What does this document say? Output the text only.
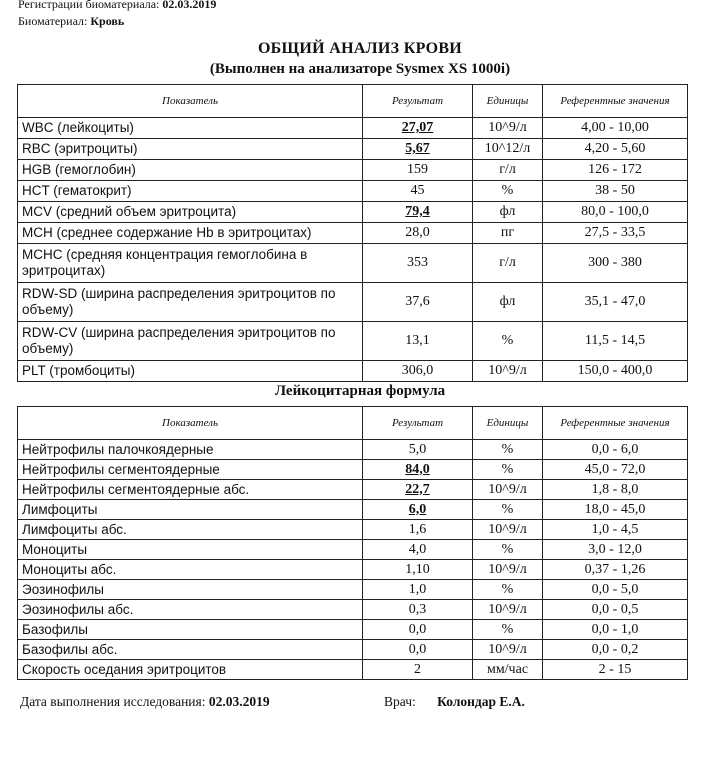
Регистрации биоматериала: 02.03.2019
Биоматериал: Кровь
ОБЩИЙ АНАЛИЗ КРОВИ
(Выполнен на анализаторе Sysmex XS 1000i)
Показатель	Результат	Единицы	Референтные значения
WBC (лейкоциты)	27,07	10^9/л	4,00 - 10,00
RBC (эритроциты)	5,67	10^12/л	4,20 - 5,60
HGB (гемоглобин)	159	г/л	126 - 172
HCT (гематокрит)	45	%	38 - 50
MCV (средний объем эритроцита)	79,4	фл	80,0 - 100,0
MCH (среднее содержание Hb в эритроцитах)	28,0	пг	27,5 - 33,5
MCHC (средняя концентрация гемоглобина в эритроцитах)	353	г/л	300 - 380
RDW-SD (ширина распределения эритроцитов по объему)	37,6	фл	35,1 - 47,0
RDW-CV (ширина распределения эритроцитов по объему)	13,1	%	11,5 - 14,5
PLT (тромбоциты)	306,0	10^9/л	150,0 - 400,0
Лейкоцитарная формула
Показатель	Результат	Единицы	Референтные значения
Нейтрофилы палочкоядерные	5,0	%	0,0 - 6,0
Нейтрофилы сегментоядерные	84,0	%	45,0 - 72,0
Нейтрофилы сегментоядерные абс.	22,7	10^9/л	1,8 - 8,0
Лимфоциты	6,0	%	18,0 - 45,0
Лимфоциты абс.	1,6	10^9/л	1,0 - 4,5
Моноциты	4,0	%	3,0 - 12,0
Моноциты абс.	1,10	10^9/л	0,37 - 1,26
Эозинофилы	1,0	%	0,0 - 5,0
Эозинофилы абс.	0,3	10^9/л	0,0 - 0,5
Базофилы	0,0	%	0,0 - 1,0
Базофилы абс.	0,0	10^9/л	0,0 - 0,2
Скорость оседания эритроцитов	2	мм/час	2 - 15
Дата выполнения исследования: 02.03.2019	Врач: Колондар Е.А.
